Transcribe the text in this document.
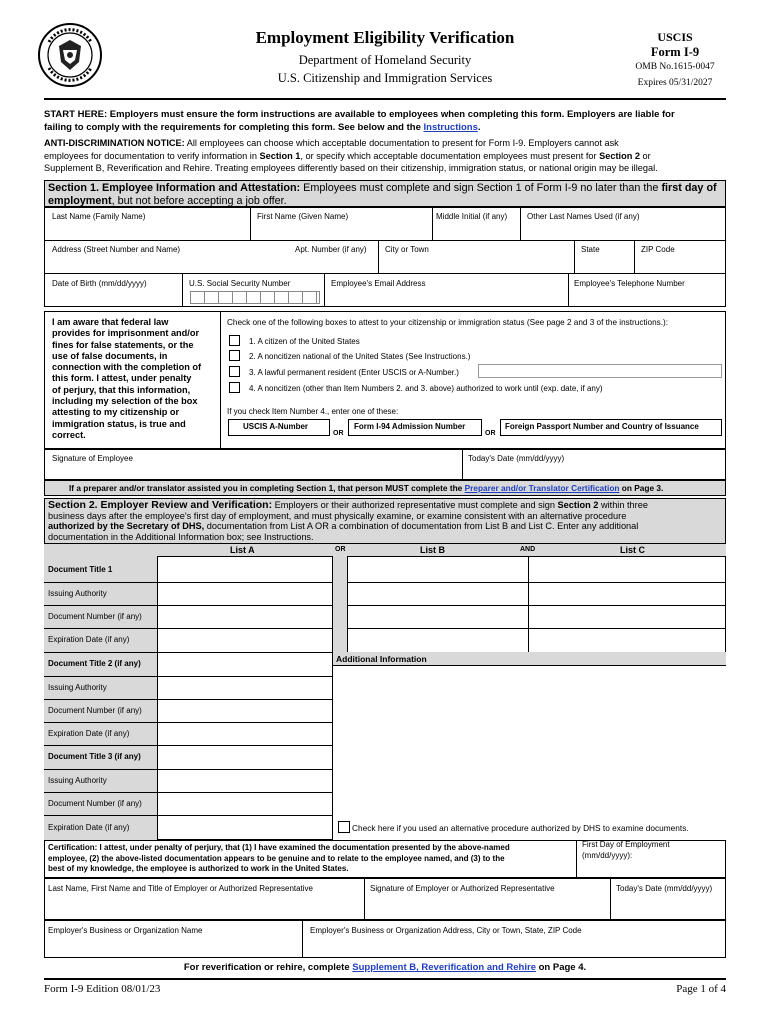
Employment Eligibility Verification
Department of Homeland Security
U.S. Citizenship and Immigration Services
USCIS
Form I-9
OMB No.1615-0047
Expires 05/31/2027
START HERE: Employers must ensure the form instructions are available to employees when completing this form. Employers are liable for
failing to comply with the requirements for completing this form. See below and the Instructions.
ANTI-DISCRIMINATION NOTICE: All employees can choose which acceptable documentation to present for Form I-9. Employers cannot ask
employees for documentation to verify information in Section 1, or specify which acceptable documentation employees must present for Section 2 or
Supplement B, Reverification and Rehire. Treating employees differently based on their citizenship, immigration status, or national origin may be illegal.
Section 1. Employee Information and Attestation: Employees must complete and sign Section 1 of Form I-9 no later than the first day of employment, but not before accepting a job offer.
Last Name (Family Name)	First Name (Given Name)	Middle Initial (if any) Other Last Names Used (if any)
Address (Street Number and Name)	Apt. Number (if any) City or Town	State	ZIP Code
Date of Birth (mm/dd/yyyy)	U.S. Social Security Number	Employee's Email Address	Employee's Telephone Number
I am aware that federal law
provides for imprisonment and/or
fines for false statements, or the
use of false documents, in
connection with the completion of
this form. I attest, under penalty
of perjury, that this information,
including my selection of the box
attesting to my citizenship or
immigration status, is true and
correct.
Check one of the following boxes to attest to your citizenship or immigration status (See page 2 and 3 of the instructions.):
1. A citizen of the United States
2. A noncitizen national of the United States (See Instructions.)
3. A lawful permanent resident (Enter USCIS or A-Number.)
4. A noncitizen (other than Item Numbers 2. and 3. above) authorized to work until (exp. date, if any)
If you check Item Number 4., enter one of these:
USCIS A-Number
OR
Form I-94 Admission Number
OR
Foreign Passport Number and Country of Issuance
Signature of Employee	Today's Date (mm/dd/yyyy)
If a preparer and/or translator assisted you in completing Section 1, that person MUST complete the Preparer and/or Translator Certification on Page 3.
Section 2. Employer Review and Verification: Employers or their authorized representative must complete and sign Section 2 within three
business days after the employee's first day of employment, and must physically examine, or examine consistent with an alternative procedure
authorized by the Secretary of DHS, documentation from List A OR a combination of documentation from List B and List C. Enter any additional
documentation in the Additional Information box; see Instructions.
List A	OR	List B	AND	List C
Additional Information
Document Title 1
Issuing Authority
Document Number (if any)
Expiration Date (if any)
Document Title 2 (if any)
Issuing Authority
Document Number (if any)
Expiration Date (if any)
Document Title 3 (if any)
Issuing Authority
Document Number (if any)
Expiration Date (if any)	Check here if you used an alternative procedure authorized by DHS to examine documents.
Certification: I attest, under penalty of perjury, that (1) I have examined the documentation presented by the above-named
employee, (2) the above-listed documentation appears to be genuine and to relate to the employee named, and (3) to the
best of my knowledge, the employee is authorized to work in the United States.
First Day of Employment
(mm/dd/yyyy):
Last Name, First Name and Title of Employer or Authorized Representative	Signature of Employer or Authorized Representative	Today's Date (mm/dd/yyyy)
Employer's Business or Organization Name	Employer's Business or Organization Address, City or Town, State, ZIP Code
For reverification or rehire, complete Supplement B, Reverification and Rehire on Page 4.
Form I-9 Edition 08/01/23	Page 1 of 4
